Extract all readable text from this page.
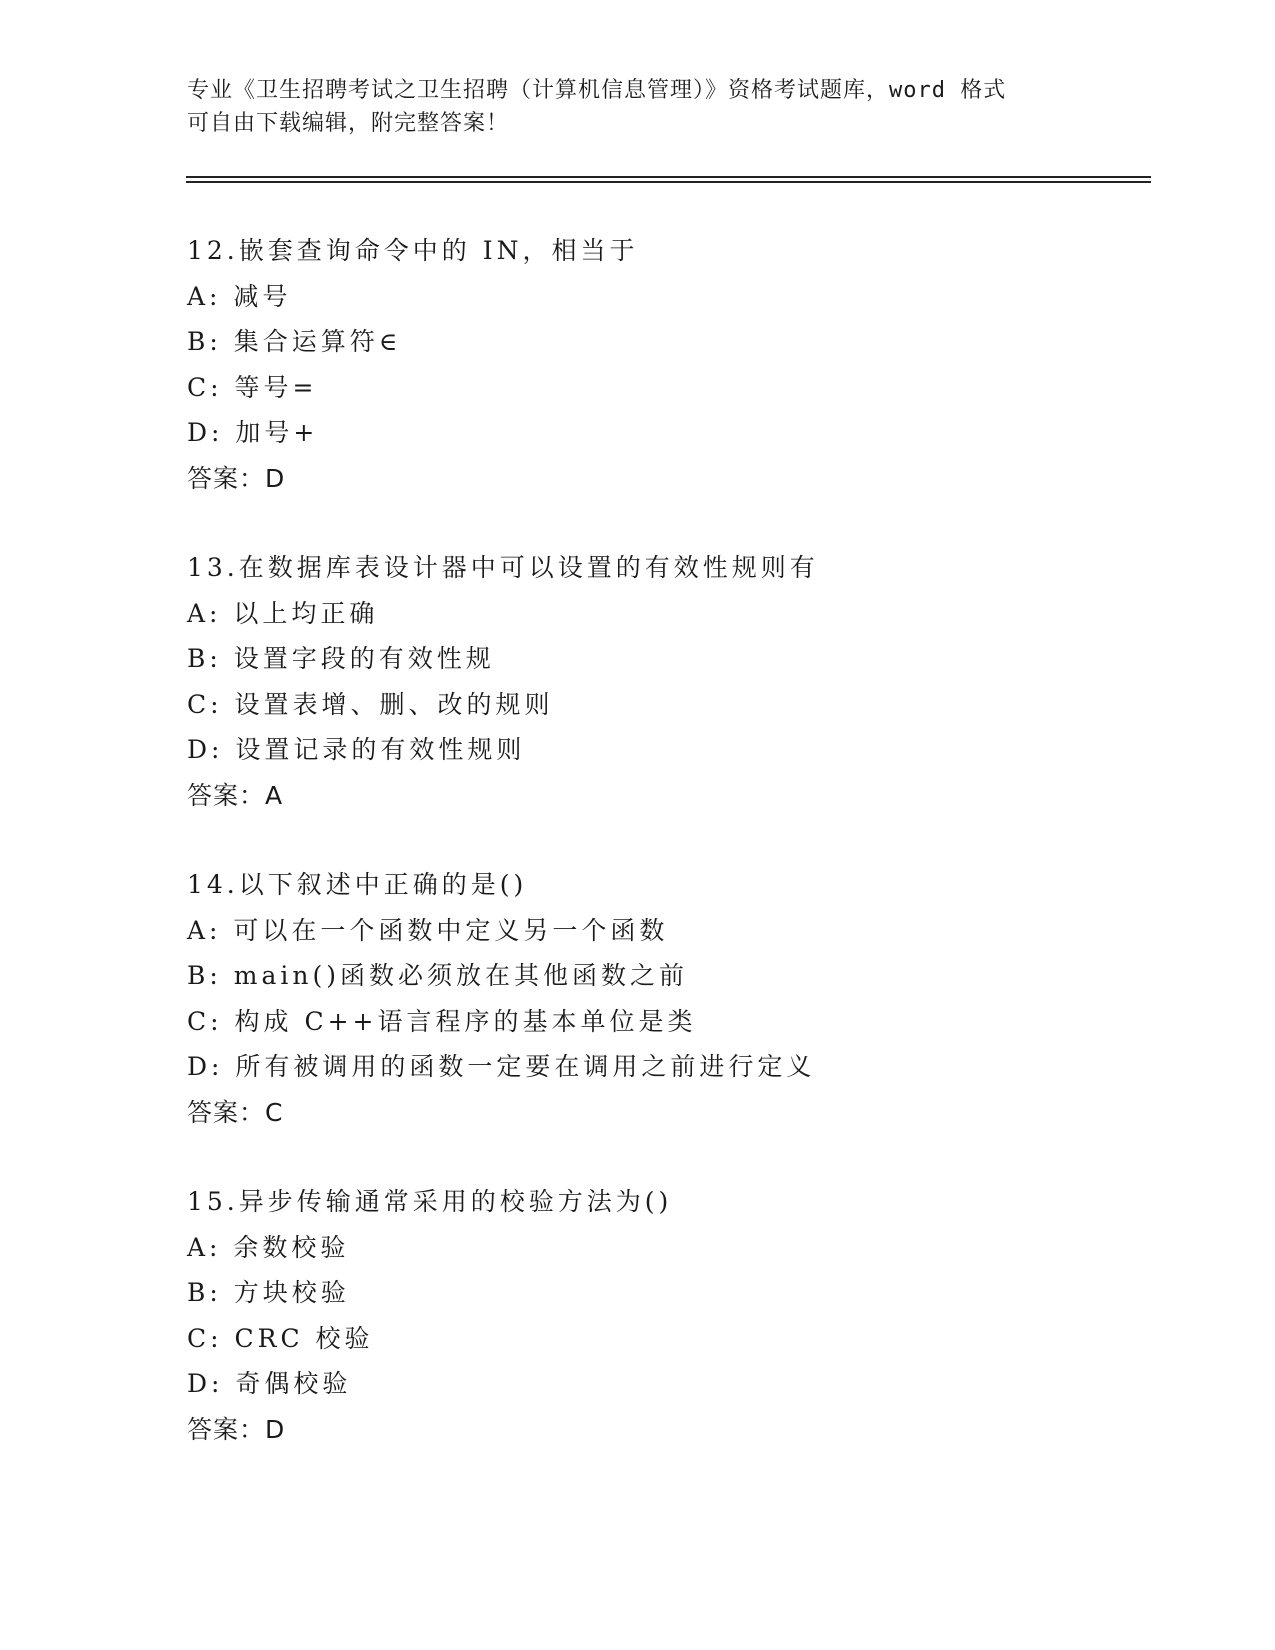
专业《卫生招聘考试之卫生招聘（计算机信息管理）》资格考试题库，word 格式
可自由下载编辑，附完整答案！
12.嵌套查询命令中的 IN，相当于
A: 减号
B: 集合运算符∈
C: 等号=
D: 加号+
答案：D
13.在数据库表设计器中可以设置的有效性规则有
A: 以上均正确
B: 设置字段的有效性规
C: 设置表增、删、改的规则
D: 设置记录的有效性规则
答案：A
14.以下叙述中正确的是()
A: 可以在一个函数中定义另一个函数
B: main()函数必须放在其他函数之前
C: 构成 C++语言程序的基本单位是类
D: 所有被调用的函数一定要在调用之前进行定义
答案：C
15.异步传输通常采用的校验方法为()
A: 余数校验
B: 方块校验
C: CRC 校验
D: 奇偶校验
答案：D
